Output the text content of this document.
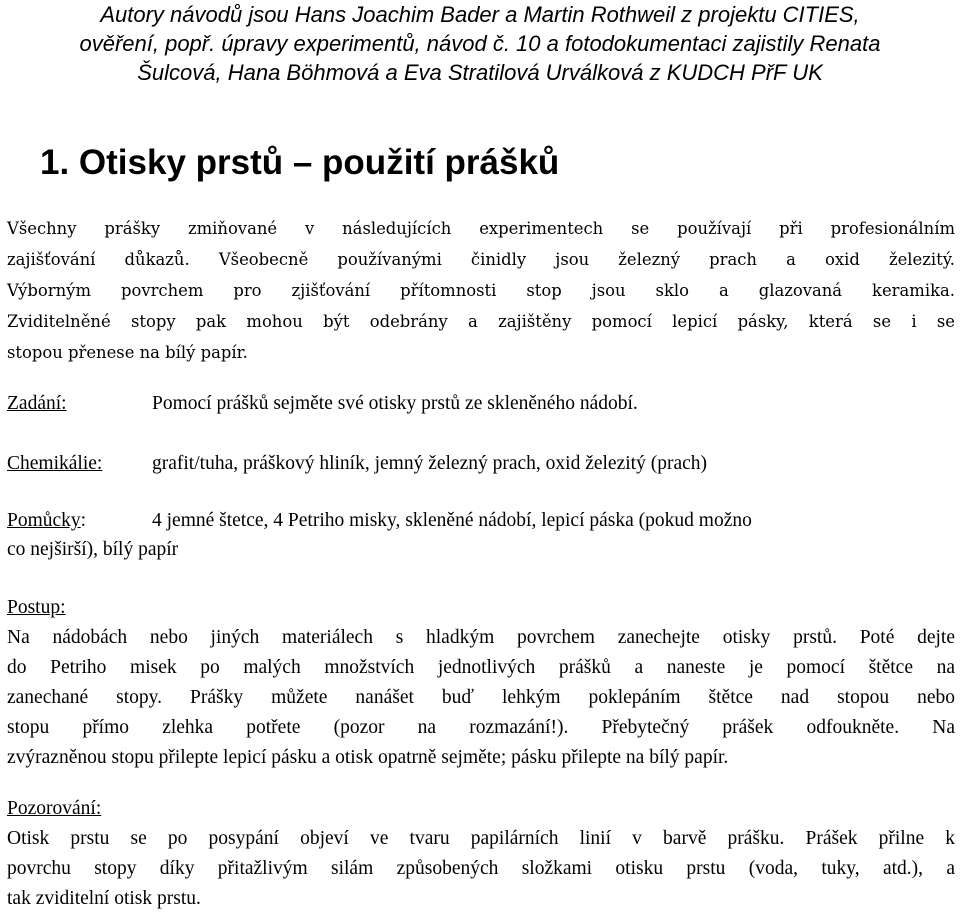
Autory návodů jsou Hans Joachim Bader a Martin Rothweil z projektu CITIES,
ověření, popř. úpravy experimentů, návod č. 10 a fotodokumentaci zajistily Renata
Šulcová, Hana Böhmová a Eva Stratilová Urválková z KUDCH PřF UK
1. Otisky prstů – použití prášků
Všechny prášky zmiňované v následujících experimentech se používají při profesionálním
zajišťování důkazů. Všeobecně používanými činidly jsou železný prach a oxid železitý.
Výborným povrchem pro zjišťování přítomnosti stop jsou sklo a glazovaná keramika.
Zviditelněné stopy pak mohou být odebrány a zajištěny pomocí lepicí pásky, která se i se
stopou přenese na bílý papír.
Zadání:	Pomocí prášků sejměte své otisky prstů ze skleněného nádobí.
Chemikálie:	grafit/tuha, práškový hliník, jemný železný prach, oxid železitý (prach)
Pomůcky:	4 jemné štetce, 4 Petriho misky, skleněné nádobí, lepicí páska (pokud možno
co nejširší), bílý papír
Postup:
Na nádobách nebo jiných materiálech s hladkým povrchem zanechejte otisky prstů. Poté dejte
do Petriho misek po malých množstvích jednotlivých prášků a naneste je pomocí štětce na
zanechané stopy. Prášky můžete nanášet buď lehkým poklepáním štětce nad stopou nebo
stopu přímo zlehka potřete (pozor na rozmazání!). Přebytečný prášek odfoukněte. Na
zvýrazněnou stopu přilepte lepicí pásku a otisk opatrně sejměte; pásku přilepte na bílý papír.
Pozorování:
Otisk prstu se po posypání objeví ve tvaru papilárních linií v barvě prášku. Prášek přilne k
povrchu stopy díky přitažlivým silám způsobených složkami otisku prstu (voda, tuky, atd.), a
tak zviditelní otisk prstu.
